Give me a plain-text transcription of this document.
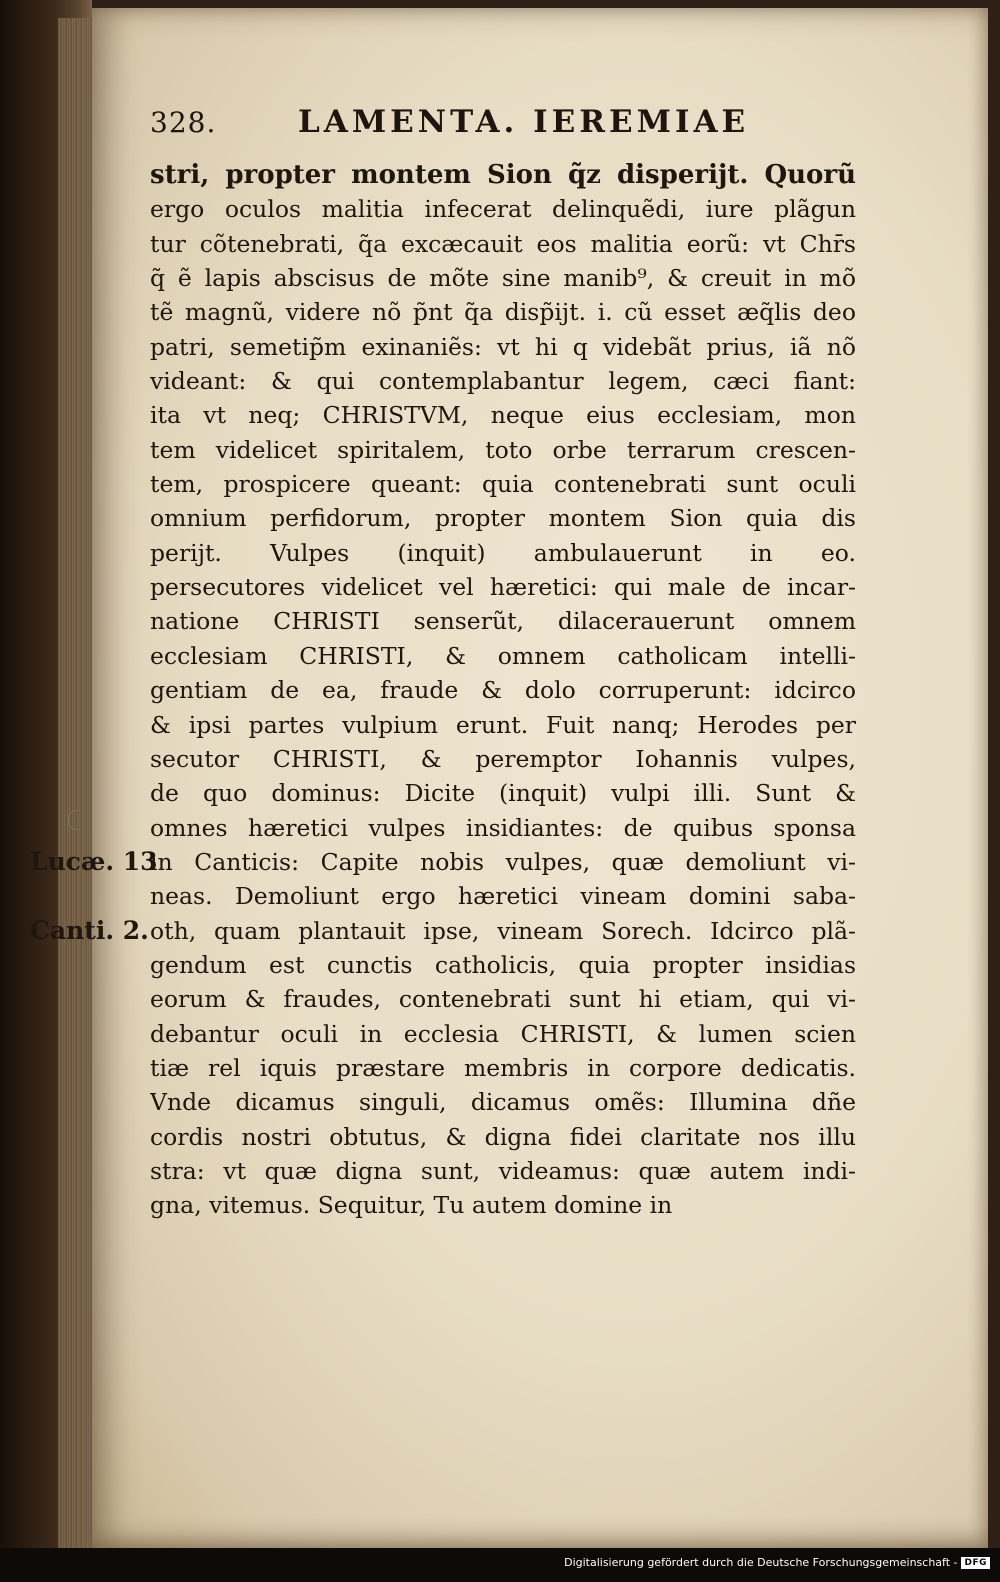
328.	LAMENTA. IEREMIAE
stri, propter montem Sion q̃z disperijt. Quorũ
ergo oculos malitia infecerat delinquẽdi, iure plãgun
tur cõtenebrati, q̃a excæcauit eos malitia eorũ: vt Chr̄s
q̃ ẽ lapis abscisus de mõte sine manib⁹, & creuit in mõ
tẽ magnũ, videre nõ p̃nt q̃a disp̃ijt. i. cũ esset æq̃lis deo
patri, semetip̃m exinaniẽs: vt hi q videbãt prius, iã nõ
videant: & qui contemplabantur legem, cæci fiant:
ita vt neq; CHRISTVM, neque eius ecclesiam, mon
tem videlicet spiritalem, toto orbe terrarum crescen-
tem, prospicere queant: quia contenebrati sunt oculi
omnium perfidorum, propter montem Sion quia dis
perijt. Vulpes (inquit) ambulauerunt in eo.
persecutores videlicet vel hæretici: qui male de incar-
natione CHRISTI senserũt, dilacerauerunt omnem
ecclesiam CHRISTI, & omnem catholicam intelli-
gentiam de ea, fraude & dolo corruperunt: idcirco
& ipsi partes vulpium erunt. Fuit nanq; Herodes per
secutor CHRISTI, & peremptor Iohannis vulpes,
de quo dominus: Dicite (inquit) vulpi illi. Sunt &
omnes hæretici vulpes insidiantes: de quibus sponsa
in Canticis: Capite nobis vulpes, quæ demoliunt vi-
neas. Demoliunt ergo hæretici vineam domini saba-
oth, quam plantauit ipse, vineam Sorech. Idcirco plã-
gendum est cunctis catholicis, quia propter insidias
eorum & fraudes, contenebrati sunt hi etiam, qui vi-
debantur oculi in ecclesia CHRISTI, & lumen scien
tiæ rel iquis præstare membris in corpore dedicatis.
Vnde dicamus singuli, dicamus omẽs: Illumina dñe
cordis nostri obtutus, & digna fidei claritate nos illu
stra: vt quæ digna sunt, videamus: quæ autem indi-
gna, vitemus. Sequitur, Tu autem domine in
Lucæ. 13
Canti. 2.
Digitalisierung gefördert durch die Deutsche Forschungsgemeinschaft - DFG
